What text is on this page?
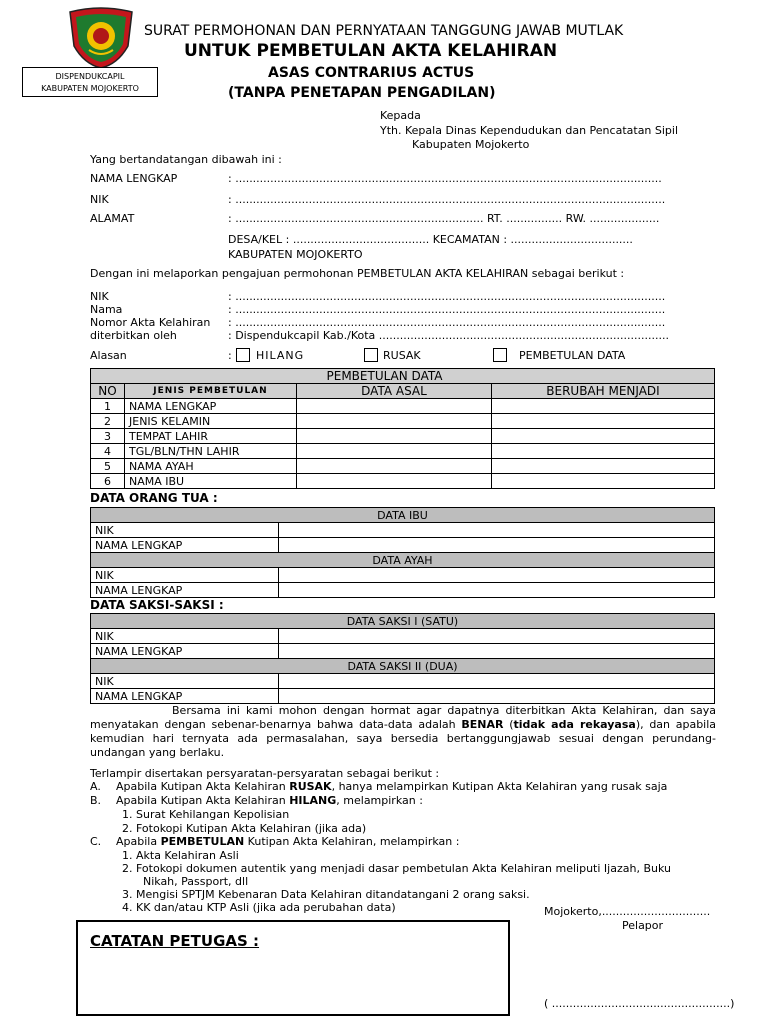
DISPENDUKCAPIL
KABUPATEN MOJOKERTO
SURAT PERMOHONAN DAN PERNYATAAN TANGGUNG JAWAB MUTLAK
UNTUK PEMBETULAN AKTA KELAHIRAN
ASAS CONTRARIUS ACTUS
(TANPA PENETAPAN PENGADILAN)
Kepada
Yth. Kepala Dinas Kependudukan dan Pencatatan Sipil
Kabupaten Mojokerto
Yang bertandatangan dibawah ini :
NAMA LENGKAP	: ..........................................................................................................................
NIK	: ...........................................................................................................................
ALAMAT	: ....................................................................... RT. ................ RW. ....................
DESA/KEL : ....................................... KECAMATAN : ...................................
KABUPATEN MOJOKERTO
Dengan ini melaporkan pengajuan permohonan PEMBETULAN AKTA KELAHIRAN sebagai berikut :
NIK	: ...........................................................................................................................
Nama	: ...........................................................................................................................
Nomor Akta Kelahiran : ...........................................................................................................................
diterbitkan oleh	: Dispendukcapil Kab./Kota ...................................................................................
Alasan	: HILANG	RUSAK	PEMBETULAN DATA

		PEMBETULAN DATA	

NO	JENIS PEMBETULAN	DATA ASAL	BERUBAH MENJADI
1	NAMA LENGKAP		
2	JENIS KELAMIN		
3	TEMPAT LAHIR		
4	TGL/BLN/THN LAHIR		
5	NAMA AYAH		
6	NAMA IBU		
DATA ORANG TUA :
DATA IBU	
NIK	
NAMA LENGKAP	
DATA AYAH	
NIK	
NAMA LENGKAP	
DATA SAKSI-SAKSI :
DATA SAKSI I (SATU)	
NIK	
NAMA LENGKAP	
DATA SAKSI II (DUA)	
NIK	
NAMA LENGKAP	
Bersama ini kami mohon dengan hormat agar dapatnya diterbitkan Akta Kelahiran, dan saya menyatakan dengan sebenar-benarnya bahwa data-data adalah BENAR (tidak ada rekayasa), dan apabila kemudian hari ternyata ada permasalahan, saya bersedia bertanggungjawab sesuai dengan perundang-undangan yang berlaku.
Terlampir disertakan persyaratan-persyaratan sebagai berikut :
A. Apabila Kutipan Akta Kelahiran RUSAK, hanya melampirkan Kutipan Akta Kelahiran yang rusak saja
B. Apabila Kutipan Akta Kelahiran HILANG, melampirkan :
1. Surat Kehilangan Kepolisian
2. Fotokopi Kutipan Akta Kelahiran (jika ada)
C. Apabila PEMBETULAN Kutipan Akta Kelahiran, melampirkan :
1. Akta Kelahiran Asli
2. Fotokopi dokumen autentik yang menjadi dasar pembetulan Akta Kelahiran meliputi Ijazah, Buku
Nikah, Passport, dll
3. Mengisi SPTJM Kebenaran Data Kelahiran ditandatangani 2 orang saksi.
4. KK dan/atau KTP Asli (jika ada perubahan data)	Mojokerto,...............................
Pelapor
( ...................................................)
CATATAN PETUGAS :
